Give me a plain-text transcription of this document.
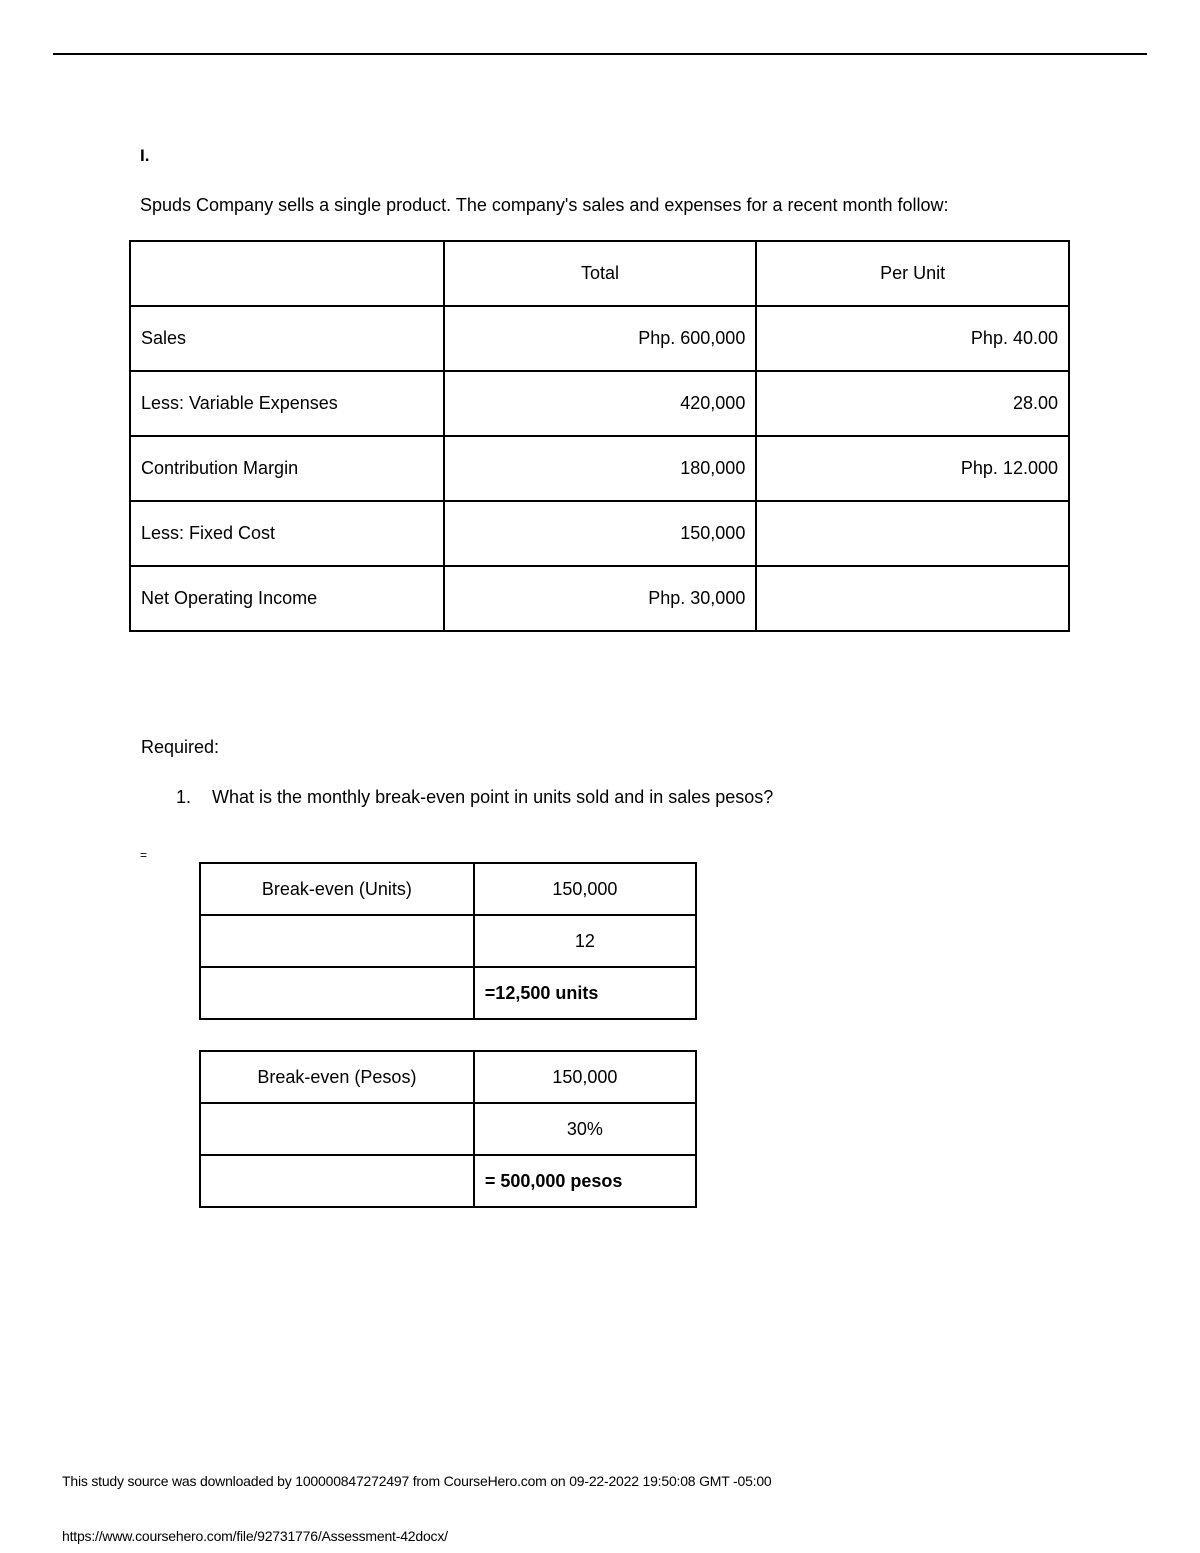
I.
Spuds Company sells a single product. The company's sales and expenses for a recent month follow:
	Total	Per Unit
Sales	Php. 600,000	Php. 40.00
Less: Variable Expenses	420,000	28.00
Contribution Margin	180,000	Php. 12.000
Less: Fixed Cost	150,000	
Net Operating Income	Php. 30,000	
Required:
1. What is the monthly break-even point in units sold and in sales pesos?
=
Break-even (Units)	150,000
	12
	=12,500 units
Break-even (Pesos)	150,000
	30%
	= 500,000 pesos
This study source was downloaded by 100000847272497 from CourseHero.com on 09-22-2022 19:50:08 GMT -05:00
https://www.coursehero.com/file/92731776/Assessment-42docx/
